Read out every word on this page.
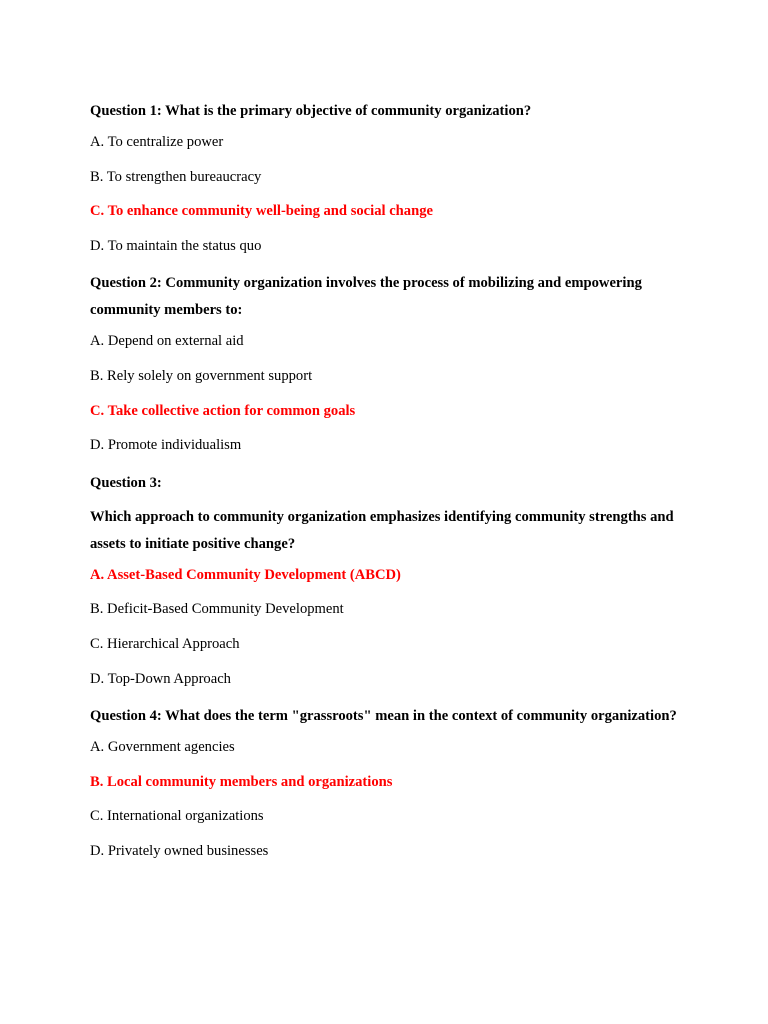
Question 1: What is the primary objective of community organization?

A. To centralize power

B. To strengthen bureaucracy

C. To enhance community well-being and social change

D. To maintain the status quo

Question 2: Community organization involves the process of mobilizing and empowering community members to:

A. Depend on external aid

B. Rely solely on government support

C. Take collective action for common goals

D. Promote individualism

Question 3:

Which approach to community organization emphasizes identifying community strengths and assets to initiate positive change?

A. Asset-Based Community Development (ABCD)

B. Deficit-Based Community Development

C. Hierarchical Approach

D. Top-Down Approach

Question 4: What does the term "grassroots" mean in the context of community organization?

A. Government agencies

B. Local community members and organizations

C. International organizations

D. Privately owned businesses
